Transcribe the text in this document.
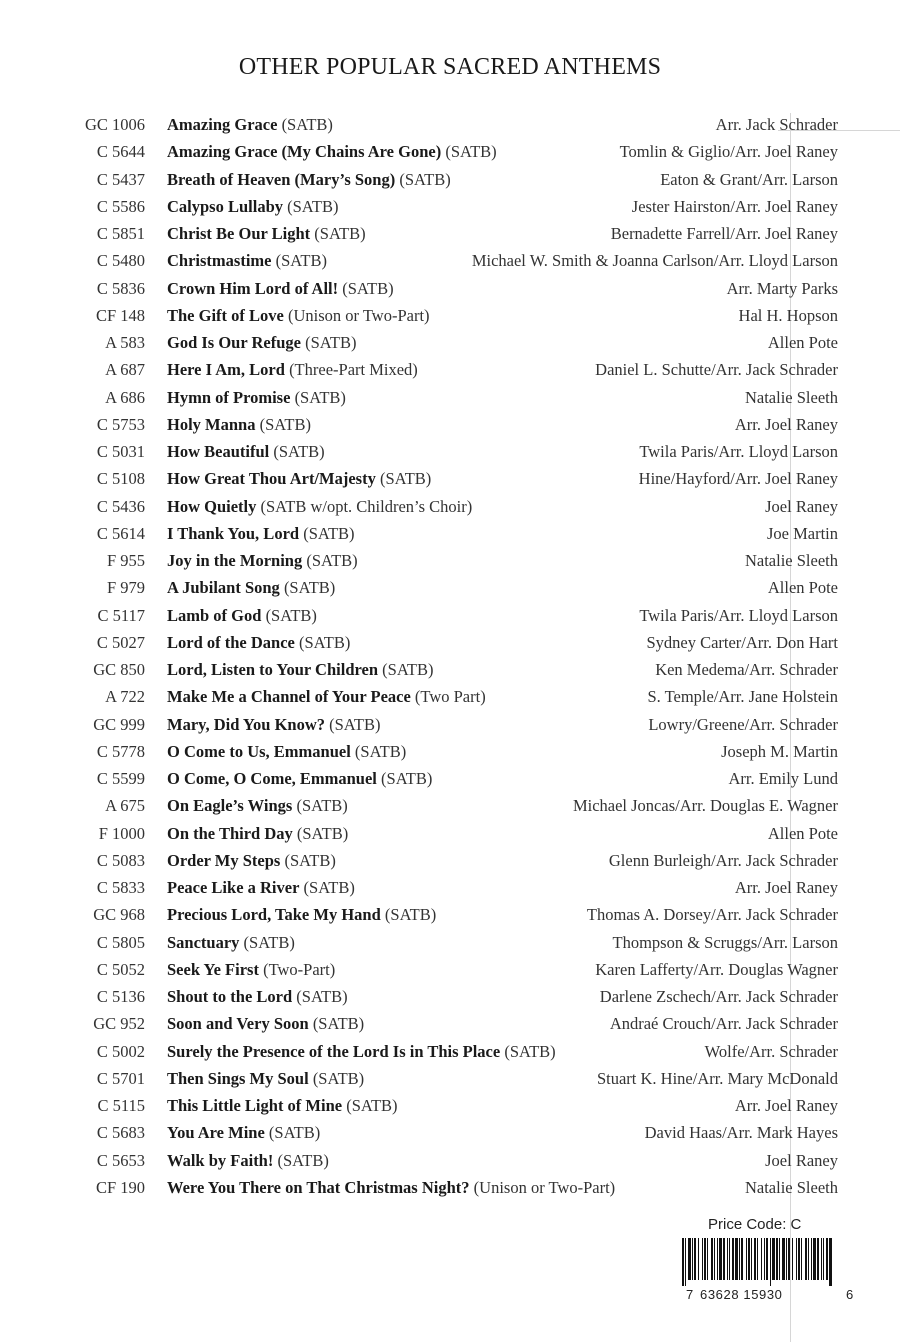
OTHER POPULAR SACRED ANTHEMS
GC 1006 Amazing Grace (SATB)	Arr. Jack Schrader
C 5644 Amazing Grace (My Chains Are Gone) (SATB)	Tomlin & Giglio/Arr. Joel Raney
C 5437 Breath of Heaven (Mary’s Song) (SATB)	Eaton & Grant/Arr. Larson
C 5586 Calypso Lullaby (SATB)	Jester Hairston/Arr. Joel Raney
C 5851 Christ Be Our Light (SATB)	Bernadette Farrell/Arr. Joel Raney
C 5480 Christmastime (SATB)	Michael W. Smith & Joanna Carlson/Arr. Lloyd Larson
C 5836 Crown Him Lord of All! (SATB)	Arr. Marty Parks
CF 148 The Gift of Love (Unison or Two-Part)	Hal H. Hopson
A 583 God Is Our Refuge (SATB)	Allen Pote
A 687 Here I Am, Lord (Three-Part Mixed)	Daniel L. Schutte/Arr. Jack Schrader
A 686 Hymn of Promise (SATB)	Natalie Sleeth
C 5753 Holy Manna (SATB)	Arr. Joel Raney
C 5031 How Beautiful (SATB)	Twila Paris/Arr. Lloyd Larson
C 5108 How Great Thou Art/Majesty (SATB)	Hine/Hayford/Arr. Joel Raney
C 5436 How Quietly (SATB w/opt. Children’s Choir)	Joel Raney
C 5614 I Thank You, Lord (SATB)	Joe Martin
F 955 Joy in the Morning (SATB)	Natalie Sleeth
F 979 A Jubilant Song (SATB)	Allen Pote
C 5117 Lamb of God (SATB)	Twila Paris/Arr. Lloyd Larson
C 5027 Lord of the Dance (SATB)	Sydney Carter/Arr. Don Hart
GC 850 Lord, Listen to Your Children (SATB)	Ken Medema/Arr. Schrader
A 722 Make Me a Channel of Your Peace (Two Part)	S. Temple/Arr. Jane Holstein
GC 999 Mary, Did You Know? (SATB)	Lowry/Greene/Arr. Schrader
C 5778 O Come to Us, Emmanuel (SATB)	Joseph M. Martin
C 5599 O Come, O Come, Emmanuel (SATB)	Arr. Emily Lund
A 675 On Eagle’s Wings (SATB)	Michael Joncas/Arr. Douglas E. Wagner
F 1000 On the Third Day (SATB)	Allen Pote
C 5083 Order My Steps (SATB)	Glenn Burleigh/Arr. Jack Schrader
C 5833 Peace Like a River (SATB)	Arr. Joel Raney
GC 968 Precious Lord, Take My Hand (SATB)	Thomas A. Dorsey/Arr. Jack Schrader
C 5805 Sanctuary (SATB)	Thompson & Scruggs/Arr. Larson
C 5052 Seek Ye First (Two-Part)	Karen Lafferty/Arr. Douglas Wagner
C 5136 Shout to the Lord (SATB)	Darlene Zschech/Arr. Jack Schrader
GC 952 Soon and Very Soon (SATB)	Andraé Crouch/Arr. Jack Schrader
C 5002 Surely the Presence of the Lord Is in This Place (SATB)	Wolfe/Arr. Schrader
C 5701 Then Sings My Soul (SATB)	Stuart K. Hine/Arr. Mary McDonald
C 5115 This Little Light of Mine (SATB)	Arr. Joel Raney
C 5683 You Are Mine (SATB)	David Haas/Arr. Mark Hayes
C 5653 Walk by Faith! (SATB)	Joel Raney
CF 190 Were You There on That Christmas Night? (Unison or Two-Part)	Natalie Sleeth
Price Code: C
7 63628 15930	6
